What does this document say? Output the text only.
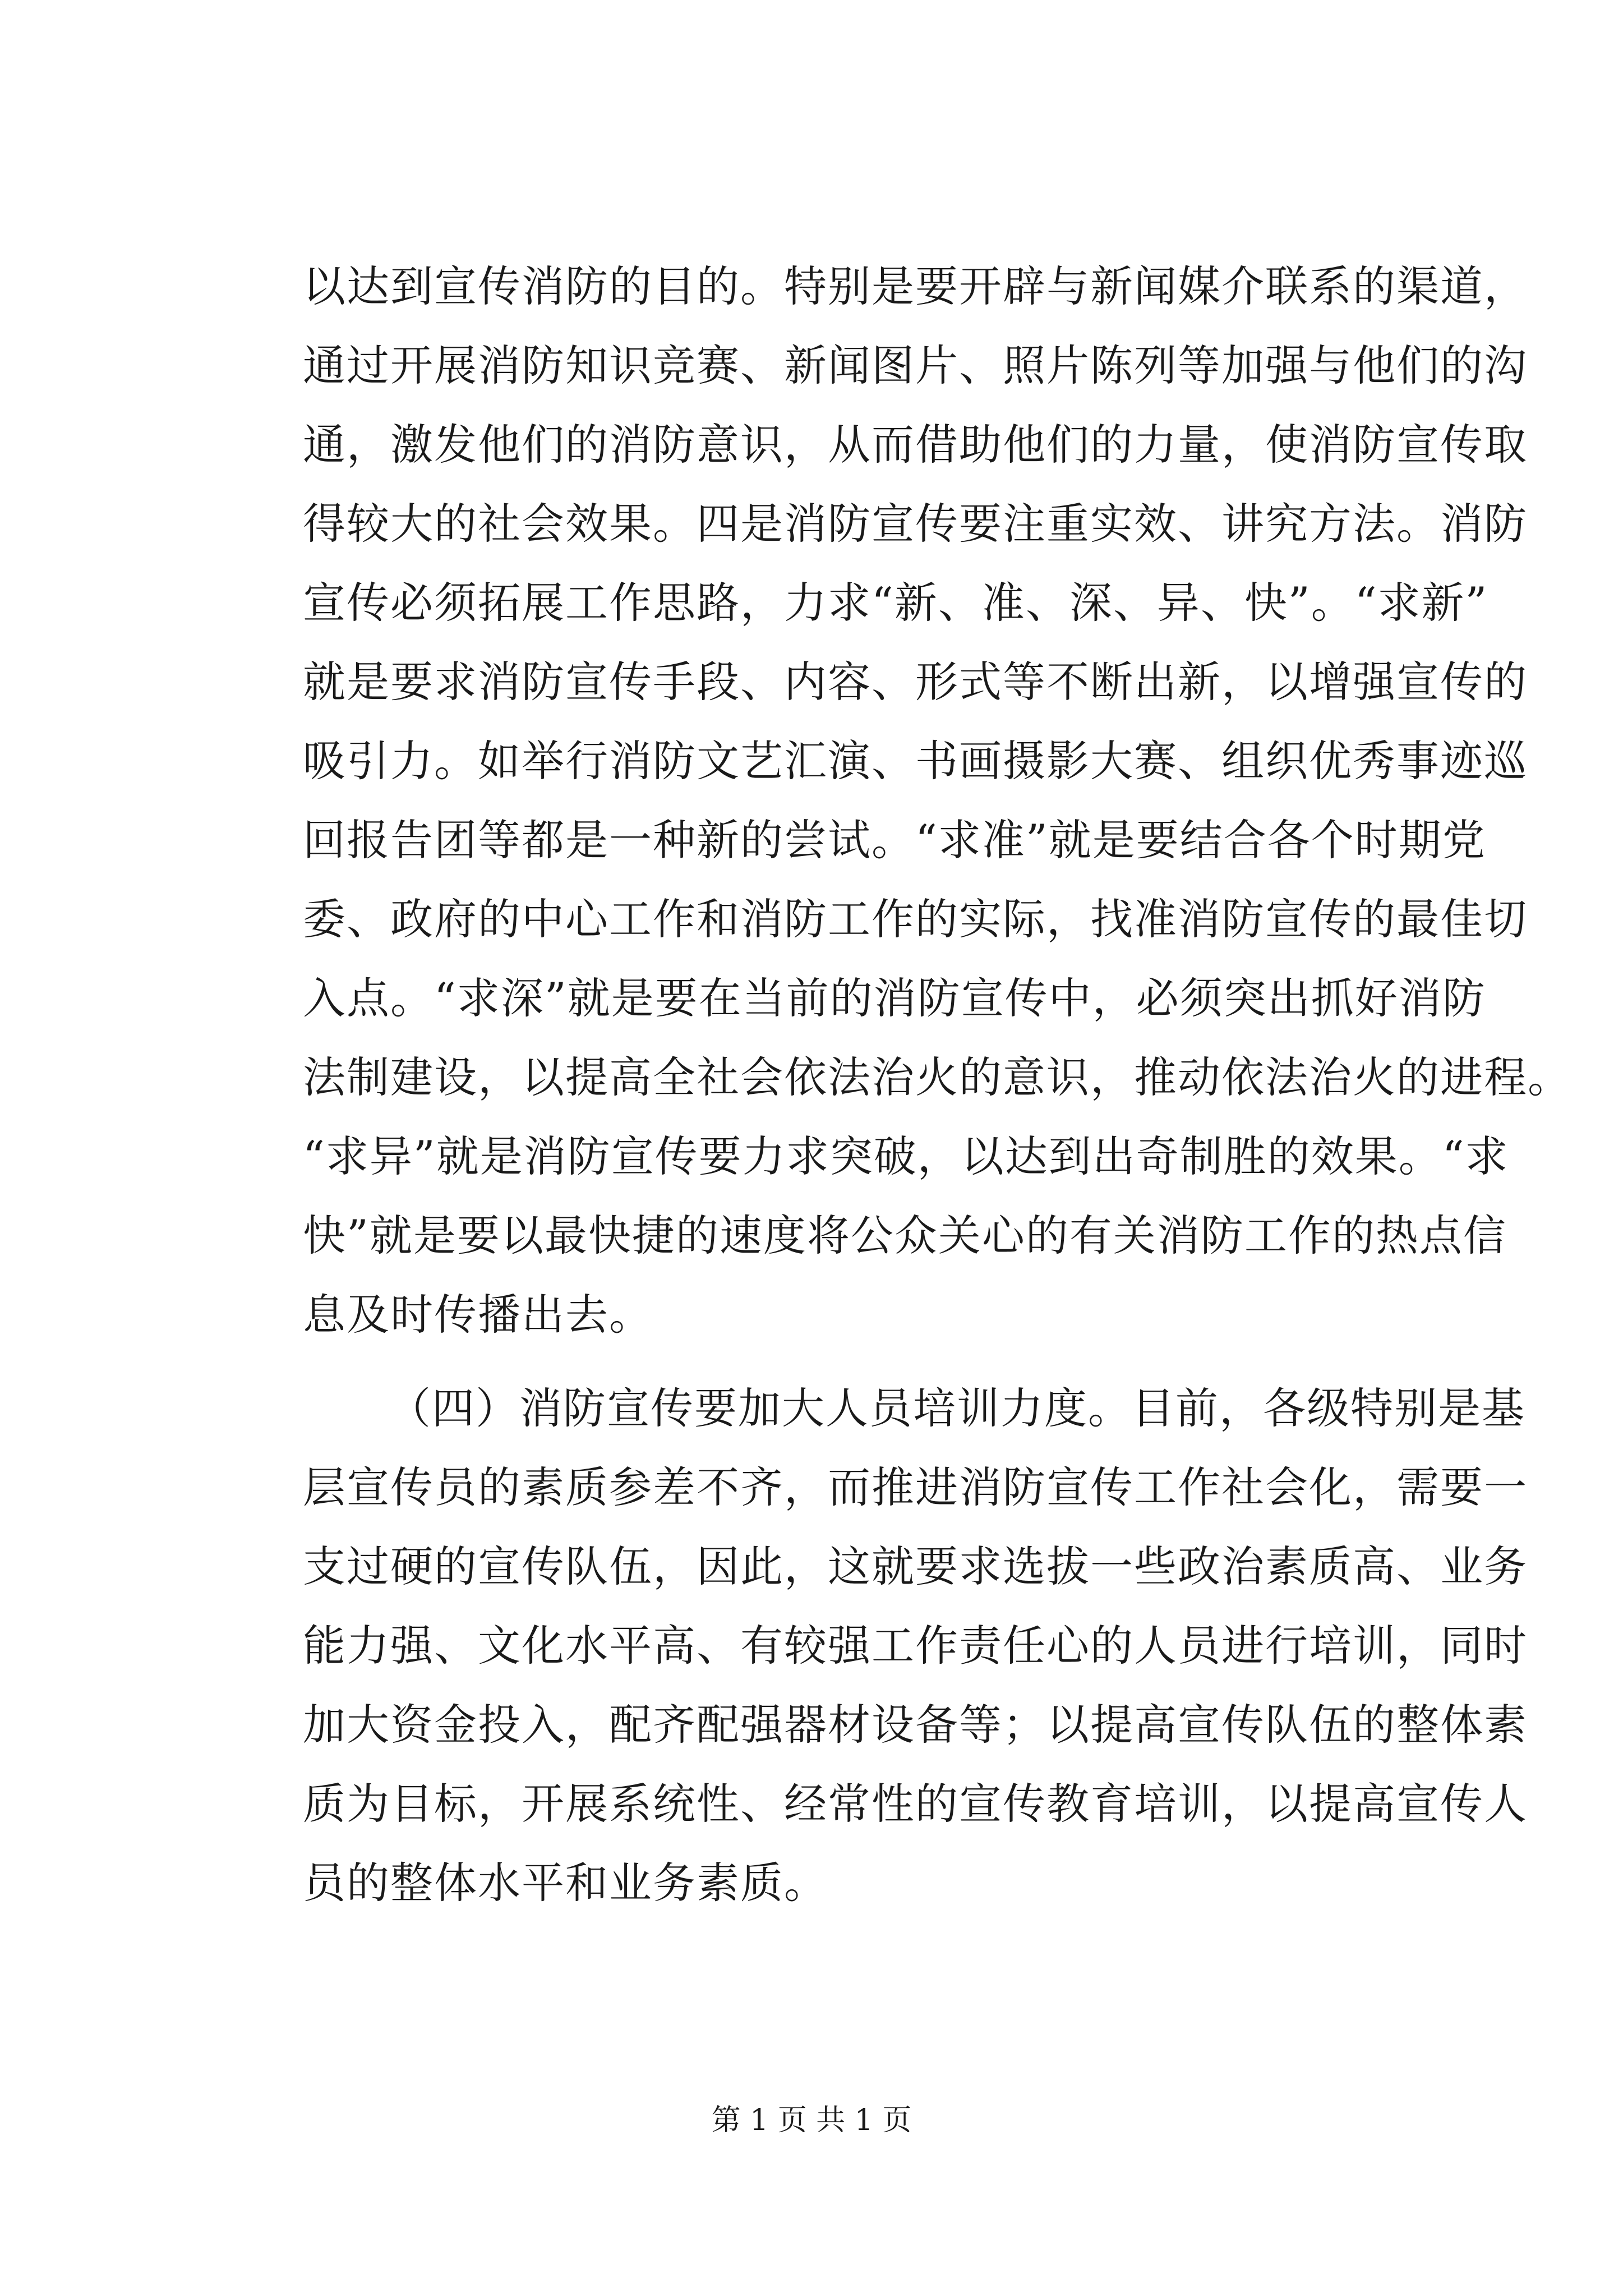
以达到宣传消防的目的。特别是要开辟与新闻媒介联系的渠道，
通过开展消防知识竞赛、新闻图片、照片陈列等加强与他们的沟
通，激发他们的消防意识，从而借助他们的力量，使消防宣传取
得较大的社会效果。四是消防宣传要注重实效、讲究方法。消防
宣传必须拓展工作思路，力求“新、准、深、异、快”。“求新”
就是要求消防宣传手段、内容、形式等不断出新，以增强宣传的
吸引力。如举行消防文艺汇演、书画摄影大赛、组织优秀事迹巡
回报告团等都是一种新的尝试。“求准”就是要结合各个时期党
委、政府的中心工作和消防工作的实际，找准消防宣传的最佳切
入点。“求深”就是要在当前的消防宣传中，必须突出抓好消防
法制建设，以提高全社会依法治火的意识，推动依法治火的进程。
“求异”就是消防宣传要力求突破，以达到出奇制胜的效果。“求
快”就是要以最快捷的速度将公众关心的有关消防工作的热点信
息及时传播出去。
（四）消防宣传要加大人员培训力度。目前，各级特别是基
层宣传员的素质参差不齐，而推进消防宣传工作社会化，需要一
支过硬的宣传队伍，因此，这就要求选拔一些政治素质高、业务
能力强、文化水平高、有较强工作责任心的人员进行培训，同时
加大资金投入，配齐配强器材设备等；以提高宣传队伍的整体素
质为目标，开展系统性、经常性的宣传教育培训，以提高宣传人
员的整体水平和业务素质。
第 1 页 共 1 页
